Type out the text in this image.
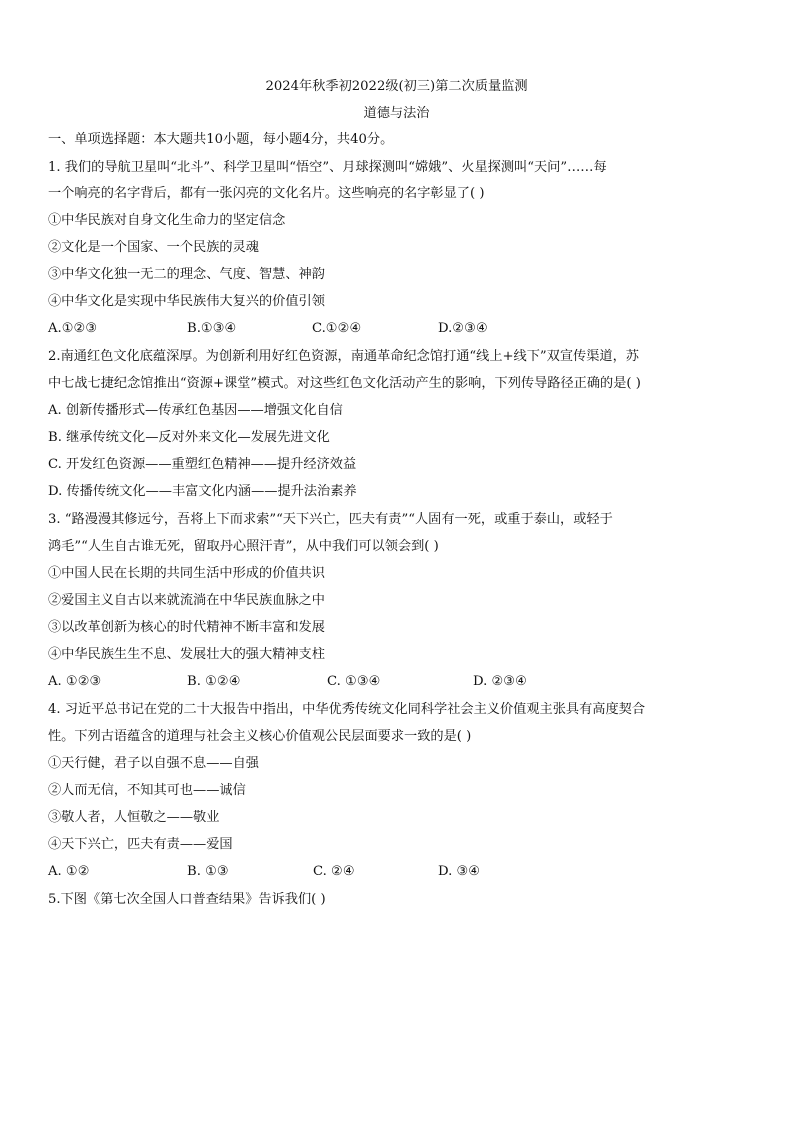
2024年秋季初2022级(初三)第二次质量监测
道德与法治
一、单项选择题：本大题共10小题，每小题4分，共40分。
1. 我们的导航卫星叫“北斗”、科学卫星叫“悟空”、月球探测叫“嫦娥”、火星探测叫“天问”……每
一个响亮的名字背后，都有一张闪亮的文化名片。这些响亮的名字彰显了( )
①中华民族对自身文化生命力的坚定信念
②文化是一个国家、一个民族的灵魂
③中华文化独一无二的理念、气度、智慧、神韵
④中华文化是实现中华民族伟大复兴的价值引领
A.①②③	B.①③④	C.①②④	D.②③④
2.南通红色文化底蕴深厚。为创新利用好红色资源，南通革命纪念馆打通“线上+线下”双宣传渠道，苏
中七战七捷纪念馆推出“资源+课堂”模式。对这些红色文化活动产生的影响，下列传导路径正确的是( )
A. 创新传播形式—传承红色基因——增强文化自信
B. 继承传统文化—反对外来文化—发展先进文化
C. 开发红色资源——重塑红色精神——提升经济效益
D. 传播传统文化——丰富文化内涵——提升法治素养
3. “路漫漫其修远兮，吾将上下而求索”“天下兴亡，匹夫有责”“人固有一死，或重于泰山，或轻于
鸿毛”“人生自古谁无死，留取丹心照汗青”，从中我们可以领会到( )
①中国人民在长期的共同生活中形成的价值共识
②爱国主义自古以来就流淌在中华民族血脉之中
③以改革创新为核心的时代精神不断丰富和发展
④中华民族生生不息、发展壮大的强大精神支柱
A. ①②③	B. ①②④	C. ①③④	D. ②③④
4. 习近平总书记在党的二十大报告中指出，中华优秀传统文化同科学社会主义价值观主张具有高度契合
性。下列古语蕴含的道理与社会主义核心价值观公民层面要求一致的是( )
①天行健，君子以自强不息——自强
②人而无信，不知其可也——诚信
③敬人者，人恒敬之——敬业
④天下兴亡，匹夫有责——爱国
A. ①②	B. ①③	C. ②④	D. ③④
5.下图《第七次全国人口普查结果》告诉我们( )
